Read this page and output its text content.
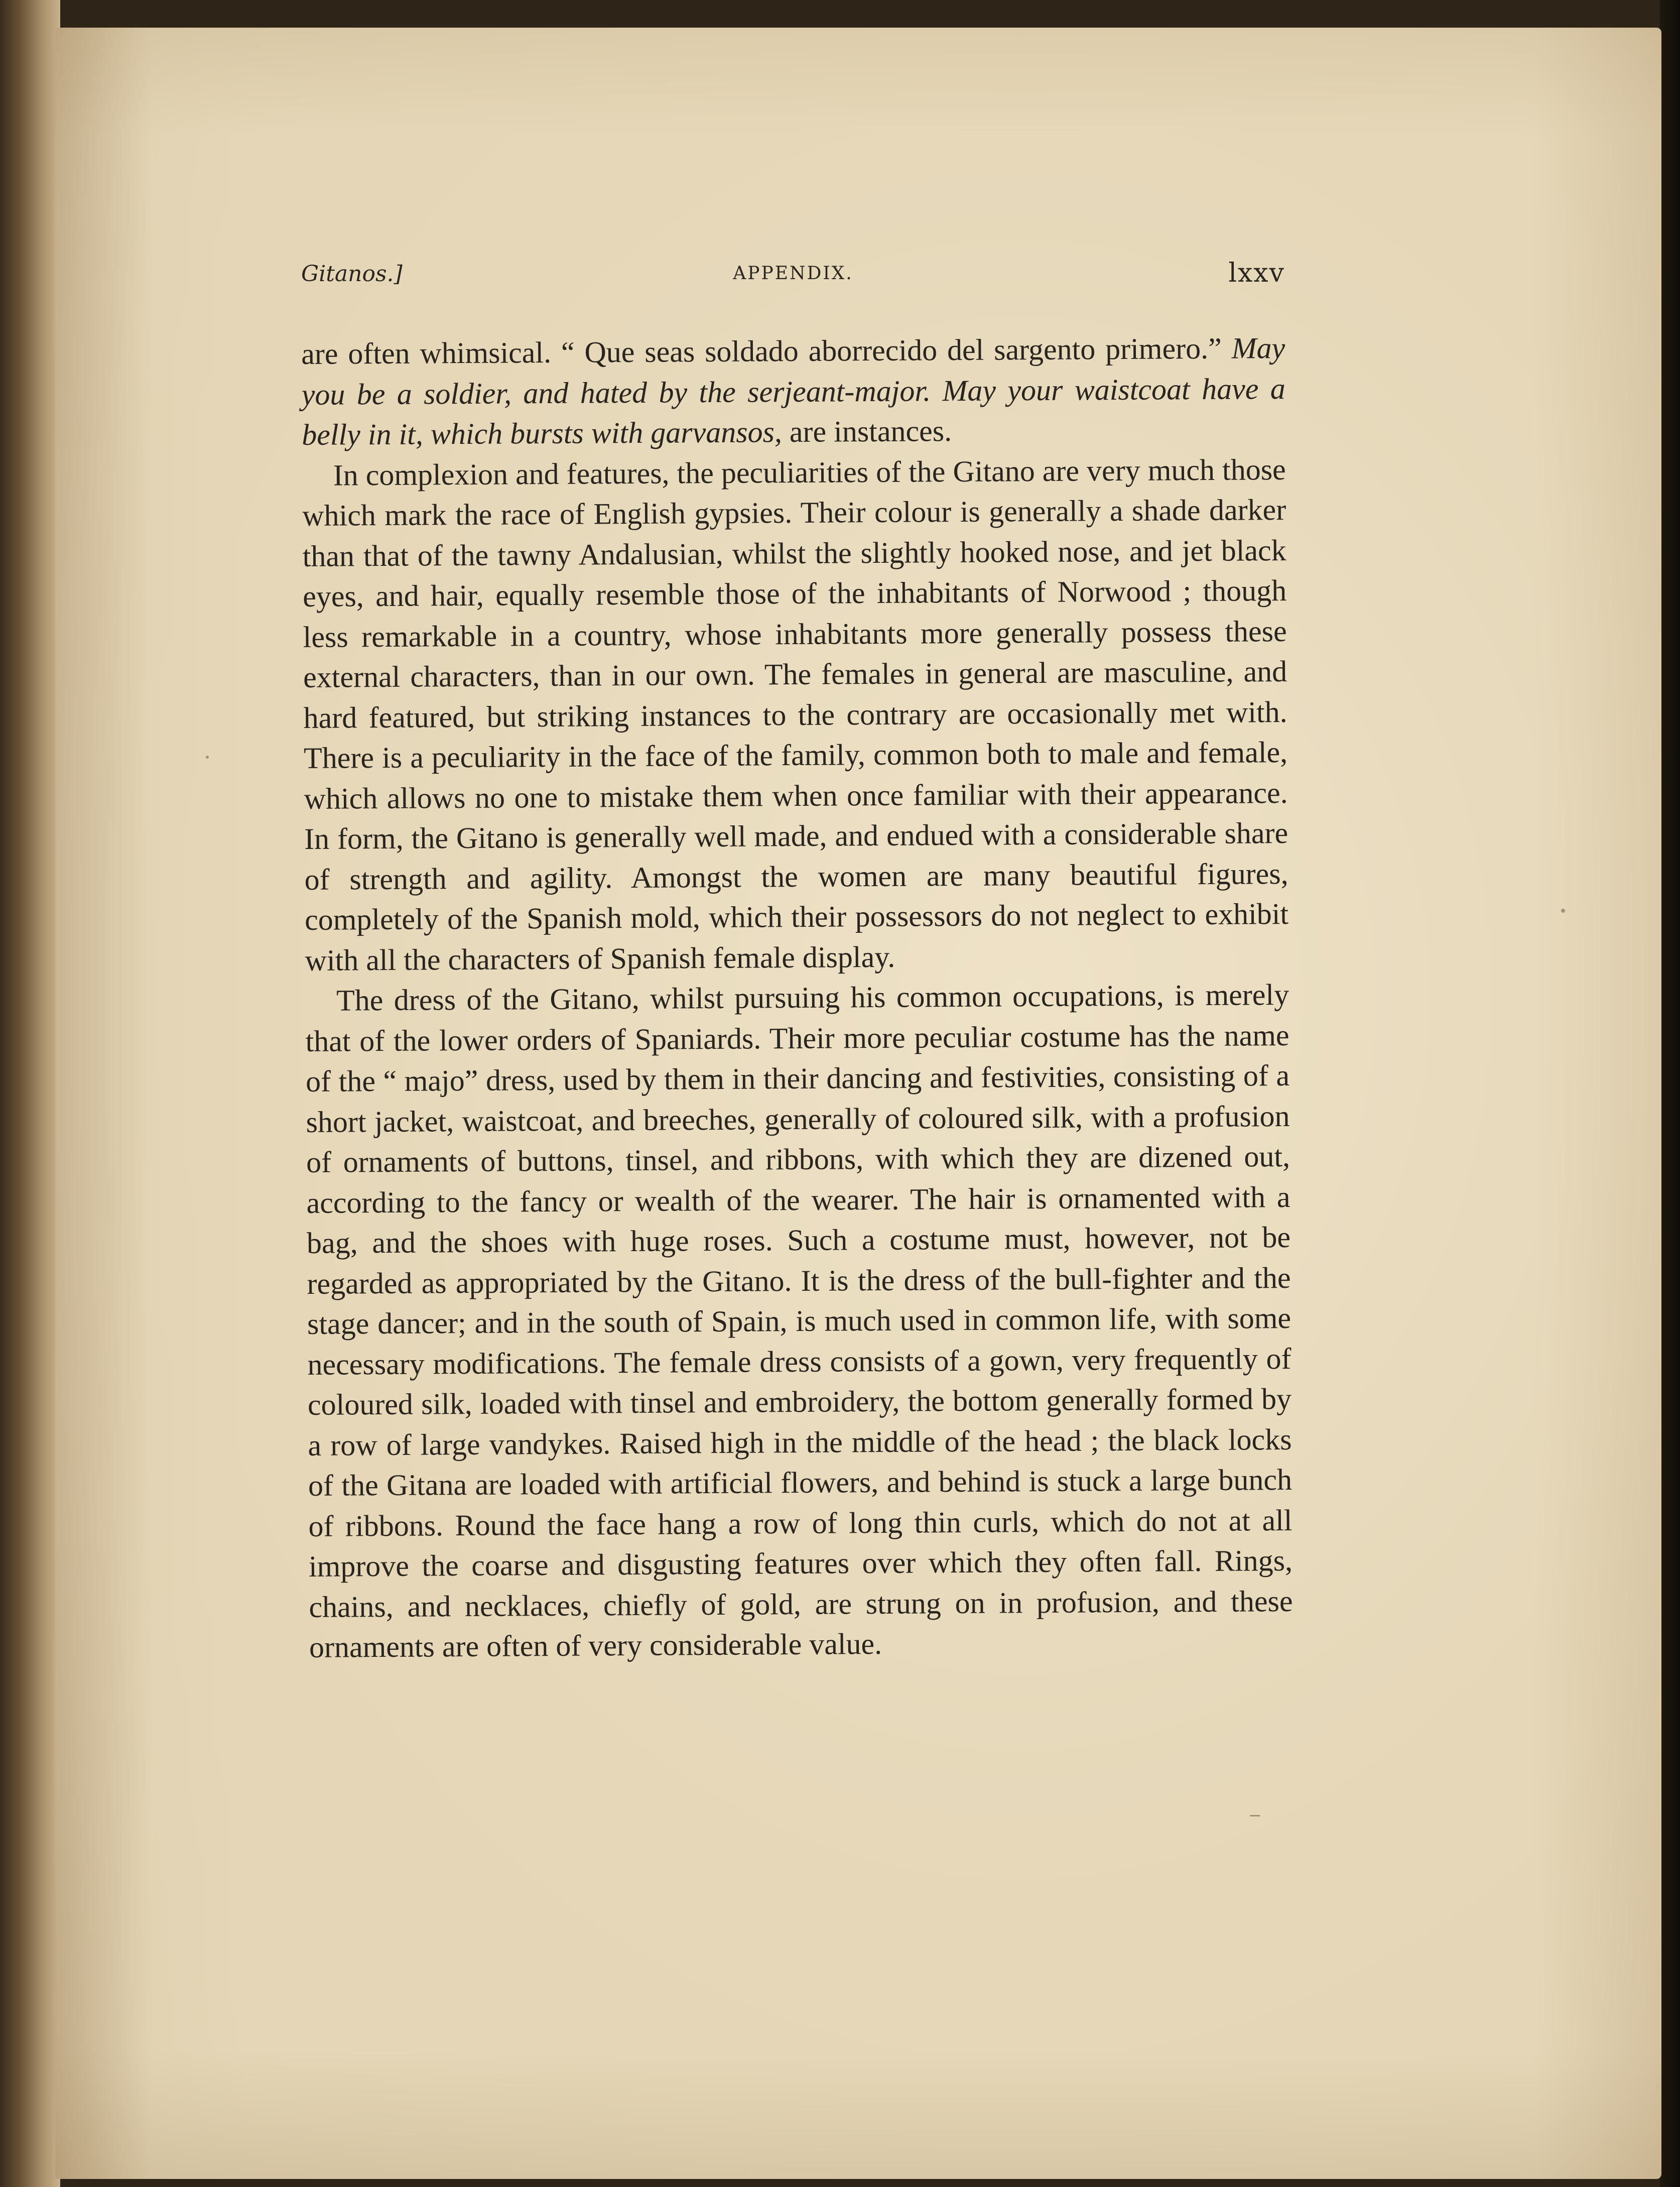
Gitanos.]	APPENDIX.	lxxv

are often whimsical. “ Que seas soldado aborrecido del sargento primero.” May you be a soldier, and hated by the serjeant-major. May your waistcoat have a belly in it, which bursts with garvansos, are instances.

In complexion and features, the peculiarities of the Gitano are very much those which mark the race of English gypsies. Their colour is generally a shade darker than that of the tawny Andalusian, whilst the slightly hooked nose, and jet black eyes, and hair, equally resemble those of the inhabitants of Norwood ; though less remarkable in a country, whose inhabitants more generally possess these external characters, than in our own. The females in general are masculine, and hard featured, but striking instances to the contrary are occasionally met with. There is a peculiarity in the face of the family, common both to male and female, which allows no one to mistake them when once familiar with their appearance. In form, the Gitano is generally well made, and endued with a considerable share of strength and agility. Amongst the women are many beautiful figures, completely of the Spanish mold, which their possessors do not neglect to exhibit with all the characters of Spanish female display.

The dress of the Gitano, whilst pursuing his common occupations, is merely that of the lower orders of Spaniards. Their more peculiar costume has the name of the “ majo” dress, used by them in their dancing and festivities, consisting of a short jacket, waistcoat, and breeches, generally of coloured silk, with a profusion of ornaments of buttons, tinsel, and ribbons, with which they are dizened out, according to the fancy or wealth of the wearer. The hair is ornamented with a bag, and the shoes with huge roses. Such a costume must, however, not be regarded as appropriated by the Gitano. It is the dress of the bull-fighter and the stage dancer; and in the south of Spain, is much used in common life, with some necessary modifications. The female dress consists of a gown, very frequently of coloured silk, loaded with tinsel and embroidery, the bottom generally formed by a row of large vandykes. Raised high in the middle of the head ; the black locks of the Gitana are loaded with artificial flowers, and behind is stuck a large bunch of ribbons. Round the face hang a row of long thin curls, which do not at all improve the coarse and disgusting features over which they often fall. Rings, chains, and necklaces, chiefly of gold, are strung on in profusion, and these ornaments are often of very considerable value.
